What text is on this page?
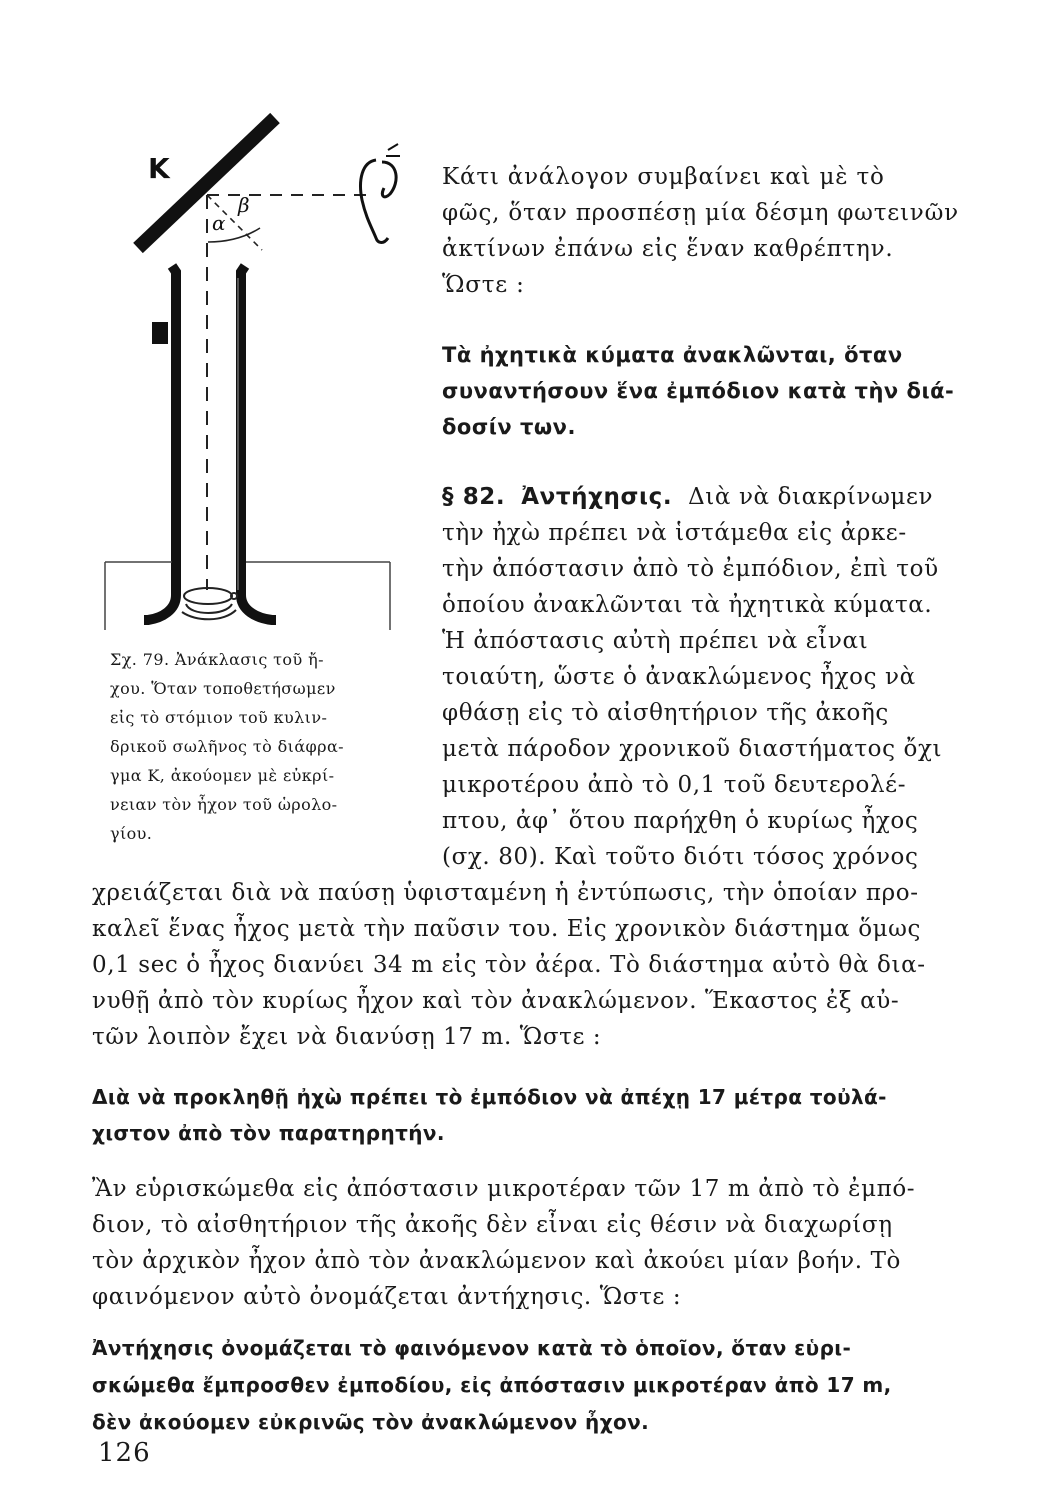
K
α
β
Σχ. 79. Ἀνάκλασις τοῦ ἤ-
χου. Ὅταν τοποθετήσωμεν
εἰς τὸ στόμιον τοῦ κυλιν-
δρικοῦ σωλῆνος τὸ διάφρα-
γμα K, ἀκούομεν μὲ εὐκρί-
νειαν τὸν ἦχον τοῦ ὡρολο-
γίου.
Κάτι ἀνάλογον συμβαίνει καὶ μὲ τὸ
φῶς, ὅταν προσπέσῃ μία δέσμη φωτεινῶν
ἀκτίνων ἐπάνω εἰς ἕναν καθρέπτην.
Ὥστε :
Τὰ ἠχητικὰ κύματα ἀνακλῶνται, ὅταν
συναντήσουν ἕνα ἐμπόδιον κατὰ τὴν διά-
δοσίν των.
§ 82. Ἀντήχησις. Διὰ νὰ διακρίνωμεν
τὴν ἠχὼ πρέπει νὰ ἱστάμεθα εἰς ἀρκε-
τὴν ἀπόστασιν ἀπὸ τὸ ἐμπόδιον, ἐπὶ τοῦ
ὁποίου ἀνακλῶνται τὰ ἠχητικὰ κύματα.
Ἡ ἀπόστασις αὐτὴ πρέπει νὰ εἶναι
τοιαύτη, ὥστε ὁ ἀνακλώμενος ἦχος νὰ
φθάσῃ εἰς τὸ αἰσθητήριον τῆς ἀκοῆς
μετὰ πάροδον χρονικοῦ διαστήματος ὄχι
μικροτέρου ἀπὸ τὸ 0,1 τοῦ δευτερολέ-
πτου, ἀφ᾽ ὅτου παρήχθη ὁ κυρίως ἦχος
(σχ. 80). Καὶ τοῦτο διότι τόσος χρόνος
χρειάζεται διὰ νὰ παύσῃ ὑφισταμένη ἡ ἐντύπωσις, τὴν ὁποίαν προ-
καλεῖ ἕνας ἦχος μετὰ τὴν παῦσιν του. Εἰς χρονικὸν διάστημα ὅμως
0,1 sec ὁ ἦχος διανύει 34 m εἰς τὸν ἀέρα. Τὸ διάστημα αὐτὸ θὰ δια-
νυθῇ ἀπὸ τὸν κυρίως ἦχον καὶ τὸν ἀνακλώμενον. Ἕκαστος ἐξ αὐ-
τῶν λοιπὸν ἔχει νὰ διανύσῃ 17 m. Ὥστε :
Διὰ νὰ προκληθῇ ἠχὼ πρέπει τὸ ἐμπόδιον νὰ ἀπέχῃ 17 μέτρα τοὐλά-
χιστον ἀπὸ τὸν παρατηρητήν.
Ἂν εὑρισκώμεθα εἰς ἀπόστασιν μικροτέραν τῶν 17 m ἀπὸ τὸ ἐμπό-
διον, τὸ αἰσθητήριον τῆς ἀκοῆς δὲν εἶναι εἰς θέσιν νὰ διαχωρίσῃ
τὸν ἀρχικὸν ἦχον ἀπὸ τὸν ἀνακλώμενον καὶ ἀκούει μίαν βοήν. Τὸ
φαινόμενον αὐτὸ ὀνομάζεται ἀντήχησις. Ὥστε :
Ἀντήχησις ὀνομάζεται τὸ φαινόμενον κατὰ τὸ ὁποῖον, ὅταν εὑρι-
σκώμεθα ἔμπροσθεν ἐμποδίου, εἰς ἀπόστασιν μικροτέραν ἀπὸ 17 m,
δὲν ἀκούομεν εὐκρινῶς τὸν ἀνακλώμενον ἦχον.
126
